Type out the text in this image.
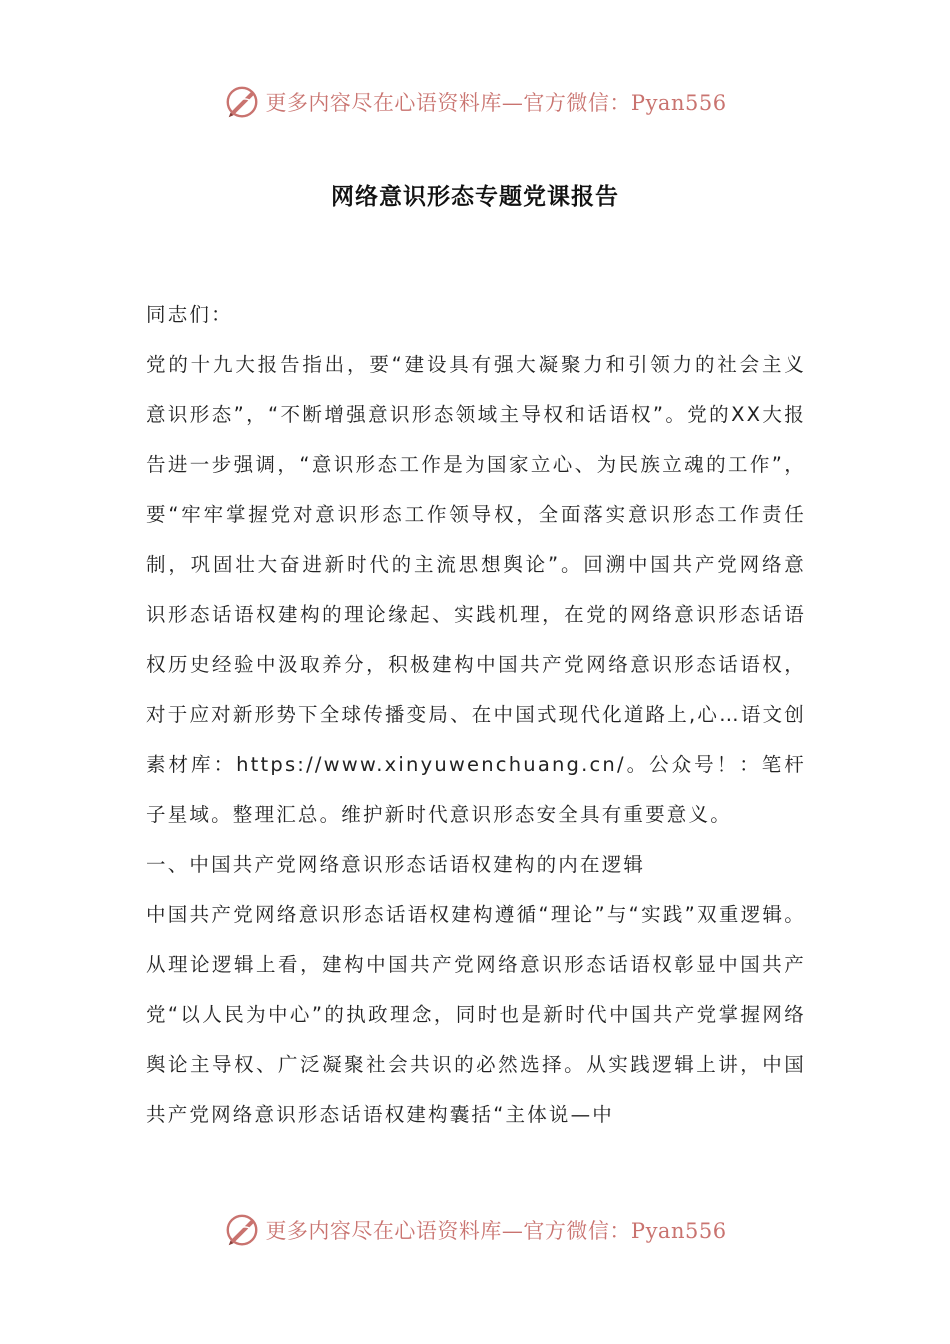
更多内容尽在心语资料库—官方微信：Pyan556
网络意识形态专题党课报告

同志们：

党的十九大报告指出，要“建设具有强大凝聚力和引领力的社会主义意识形态”，“不断增强意识形态领域主导权和话语权”。党的XX大报告进一步强调，“意识形态工作是为国家立心、为民族立魂的工作”，要“牢牢掌握党对意识形态工作领导权，全面落实意识形态工作责任制，巩固壮大奋进新时代的主流思想舆论”。回溯中国共产党网络意识形态话语权建构的理论缘起、实践机理，在党的网络意识形态话语权历史经验中汲取养分，积极建构中国共产党网络意识形态话语权，对于应对新形势下全球传播变局、在中国式现代化道路上,心…语文创素材库：https://www.xinyuwenchuang.cn/。公众号！：笔杆子星域。整理汇总。维护新时代意识形态安全具有重要意义。

一、中国共产党网络意识形态话语权建构的内在逻辑

中国共产党网络意识形态话语权建构遵循“理论”与“实践”双重逻辑。从理论逻辑上看，建构中国共产党网络意识形态话语权彰显中国共产党“以人民为中心”的执政理念，同时也是新时代中国共产党掌握网络舆论主导权、广泛凝聚社会共识的必然选择。从实践逻辑上讲，中国共产党网络意识形态话语权建构囊括“主体说—中

更多内容尽在心语资料库—官方微信：Pyan556
